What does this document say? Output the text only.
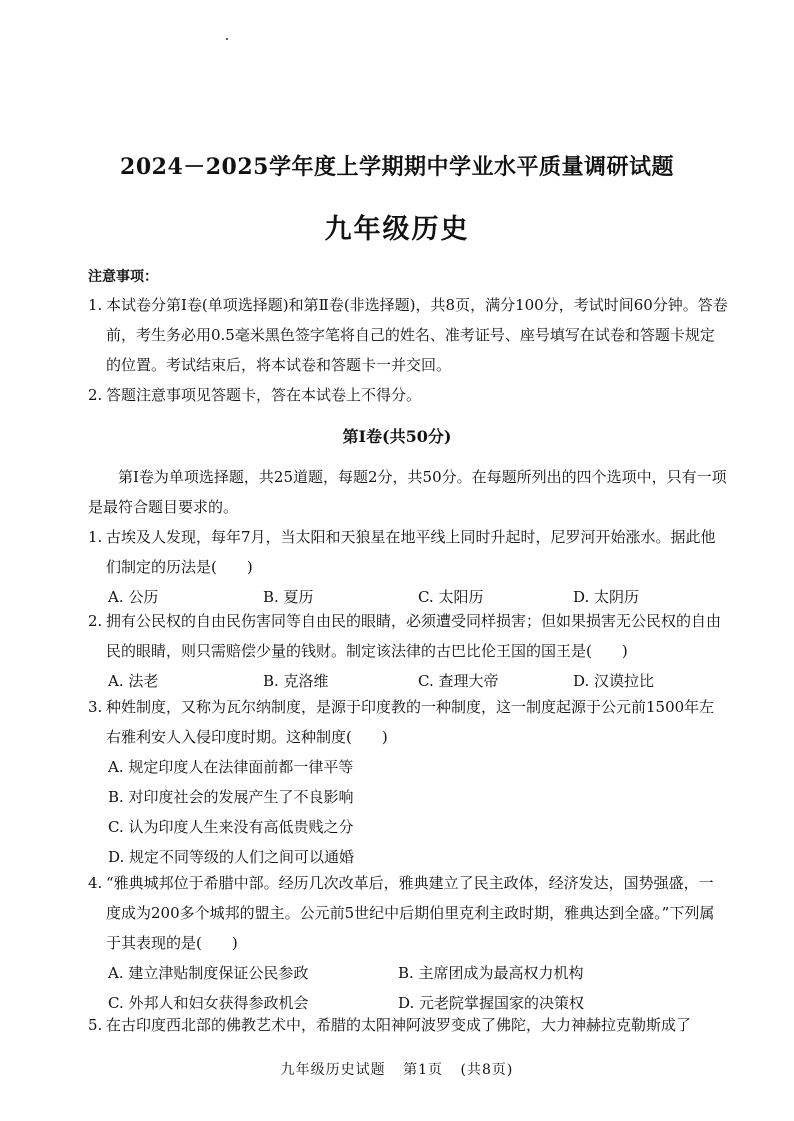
2024－2025学年度上学期期中学业水平质量调研试题
九年级历史
注意事项：
1. 本试卷分第Ⅰ卷(单项选择题)和第Ⅱ卷(非选择题)，共8页，满分100分，考试时间60分钟。答卷前，考生务必用0.5毫米黑色签字笔将自己的姓名、准考证号、座号填写在试卷和答题卡规定的位置。考试结束后，将本试卷和答题卡一并交回。
2. 答题注意事项见答题卡，答在本试卷上不得分。
第Ⅰ卷(共50分)
第Ⅰ卷为单项选择题，共25道题，每题2分，共50分。在每题所列出的四个选项中，只有一项是最符合题目要求的。
1. 古埃及人发现，每年7月，当太阳和天狼星在地平线上同时升起时，尼罗河开始涨水。据此他们制定的历法是(　　)
A. 公历	B. 夏历	C. 太阳历	D. 太阴历
2. 拥有公民权的自由民伤害同等自由民的眼睛，必须遭受同样损害；但如果损害无公民权的自由民的眼睛，则只需赔偿少量的钱财。制定该法律的古巴比伦王国的国王是(　　)
A. 法老	B. 克洛维	C. 查理大帝	D. 汉谟拉比
3. 种姓制度，又称为瓦尔纳制度，是源于印度教的一种制度，这一制度起源于公元前1500年左右雅利安人入侵印度时期。这种制度(　　)
A. 规定印度人在法律面前都一律平等
B. 对印度社会的发展产生了不良影响
C. 认为印度人生来没有高低贵贱之分
D. 规定不同等级的人们之间可以通婚
4. “雅典城邦位于希腊中部。经历几次改革后，雅典建立了民主政体，经济发达，国势强盛，一度成为200多个城邦的盟主。公元前5世纪中后期伯里克利主政时期，雅典达到全盛。”下列属于其表现的是(　　)
A. 建立津贴制度保证公民参政	B. 主席团成为最高权力机构
C. 外邦人和妇女获得参政机会	D. 元老院掌握国家的决策权
5. 在古印度西北部的佛教艺术中，希腊的太阳神阿波罗变成了佛陀，大力神赫拉克勒斯成了
九年级历史试题 第1页 (共8页)
